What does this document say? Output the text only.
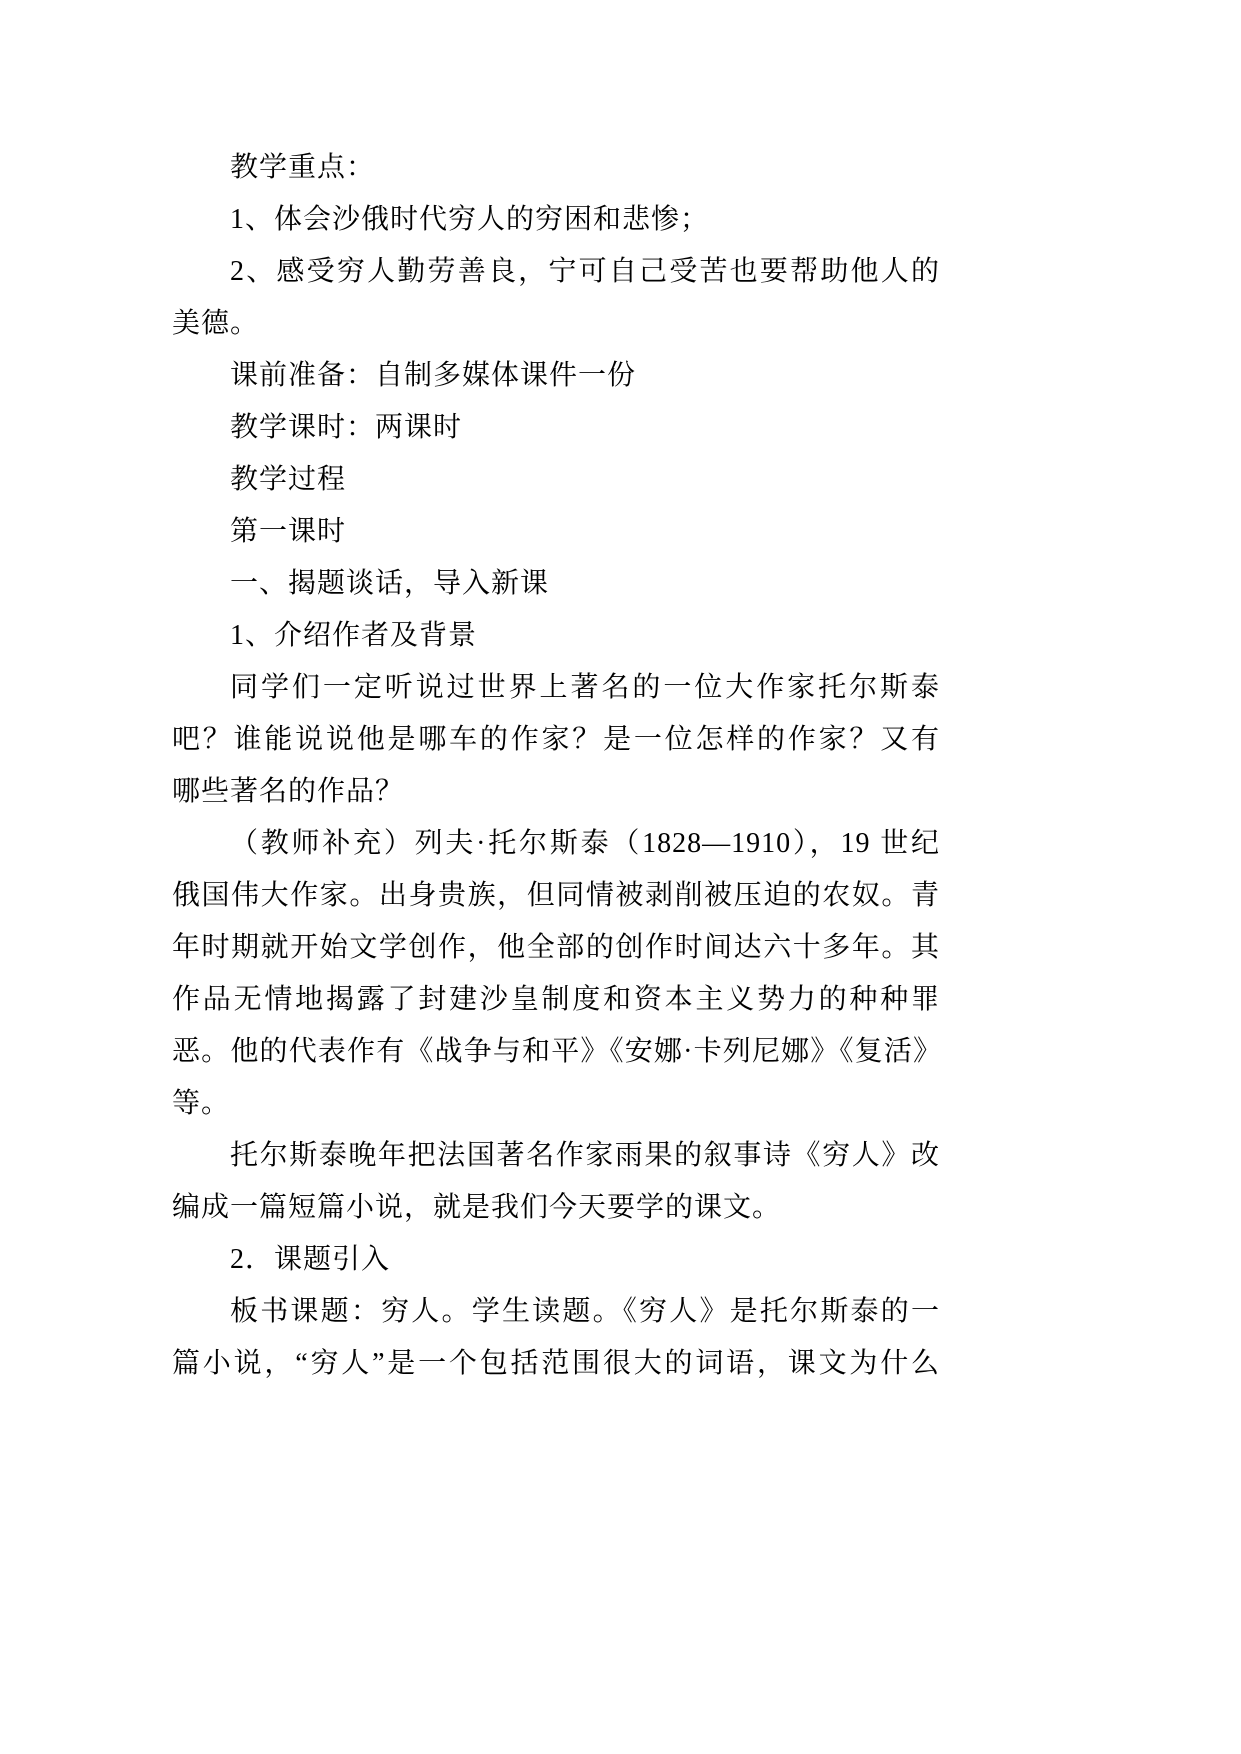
教学重点：
1、体会沙俄时代穷人的穷困和悲惨；
2、感受穷人勤劳善良，宁可自己受苦也要帮助他人的
美德。
课前准备：自制多媒体课件一份
教学课时：两课时
教学过程
第一课时
一、揭题谈话，导入新课
1、介绍作者及背景
同学们一定听说过世界上著名的一位大作家托尔斯泰
吧？谁能说说他是哪车的作家？是一位怎样的作家？又有
哪些著名的作品？
（教师补充）列夫·托尔斯泰（1828—1910），19 世纪
俄国伟大作家。出身贵族，但同情被剥削被压迫的农奴。青
年时期就开始文学创作，他全部的创作时间达六十多年。其
作品无情地揭露了封建沙皇制度和资本主义势力的种种罪
恶。他的代表作有《战争与和平》《安娜·卡列尼娜》《复活》
等。
托尔斯泰晚年把法国著名作家雨果的叙事诗《穷人》改
编成一篇短篇小说，就是我们今天要学的课文。
2．课题引入
板书课题：穷人。学生读题。《穷人》是托尔斯泰的一
篇小说，“穷人”是一个包括范围很大的词语，课文为什么
